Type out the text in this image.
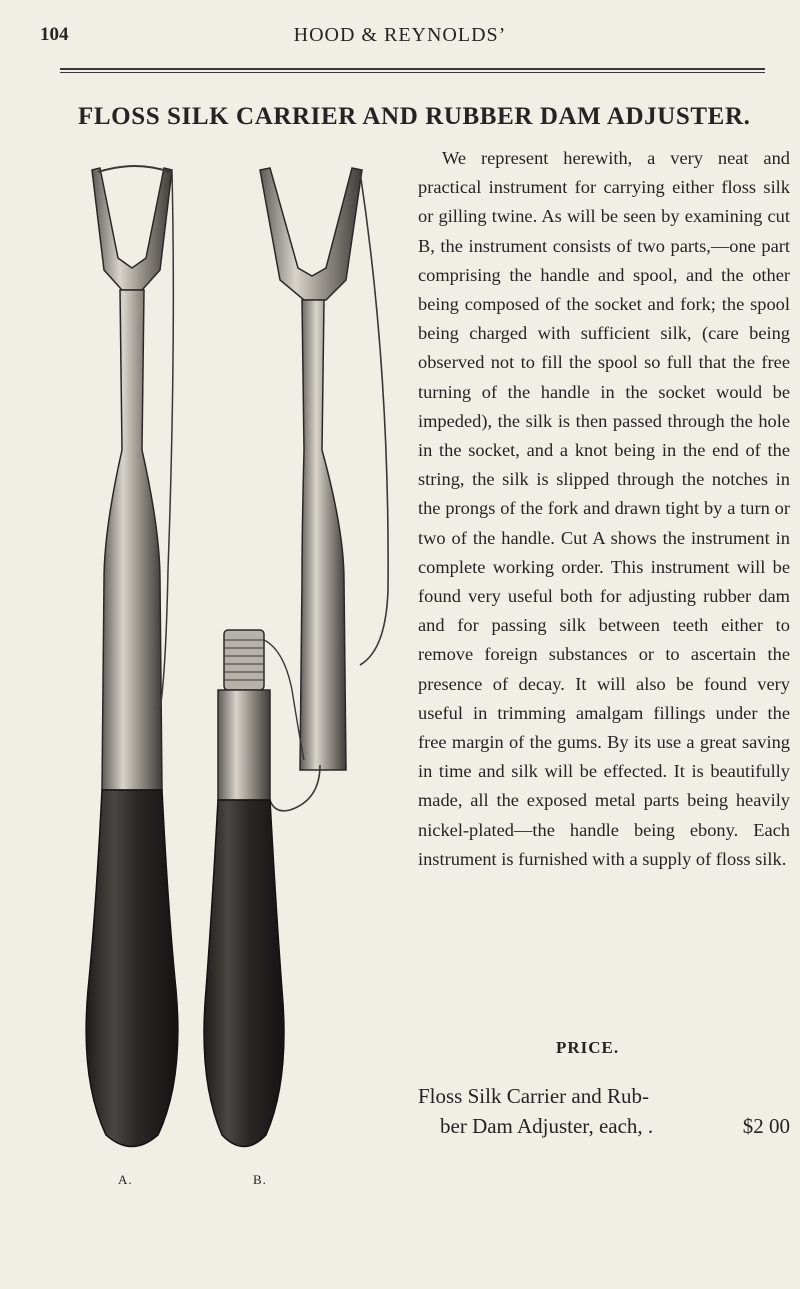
104	HOOD & REYNOLDS’
FLOSS SILK CARRIER AND RUBBER DAM ADJUSTER.
A.	B.

We represent herewith, a very neat and practical instrument for carrying either floss silk or gilling twine. As will be seen by examining cut B, the instrument consists of two parts,—one part comprising the handle and spool, and the other being composed of the socket and fork; the spool being charged with sufficient silk, (care being observed not to fill the spool so full that the free turning of the handle in the socket would be impeded), the silk is then passed through the hole in the socket, and a knot being in the end of the string, the silk is slipped through the notches in the prongs of the fork and drawn tight by a turn or two of the handle. Cut A shows the instrument in complete working order. This instrument will be found very useful both for adjusting rubber dam and for passing silk between teeth either to remove foreign substances or to ascertain the presence of decay. It will also be found very useful in trimming amalgam fillings under the free margin of the gums. By its use a great saving in time and silk will be effected. It is beautifully made, all the exposed metal parts being heavily nickel-plated—the handle being ebony. Each instrument is furnished with a supply of floss silk.

PRICE.
Floss Silk Carrier and Rub-
ber Dam Adjuster, each, .	$2 00
